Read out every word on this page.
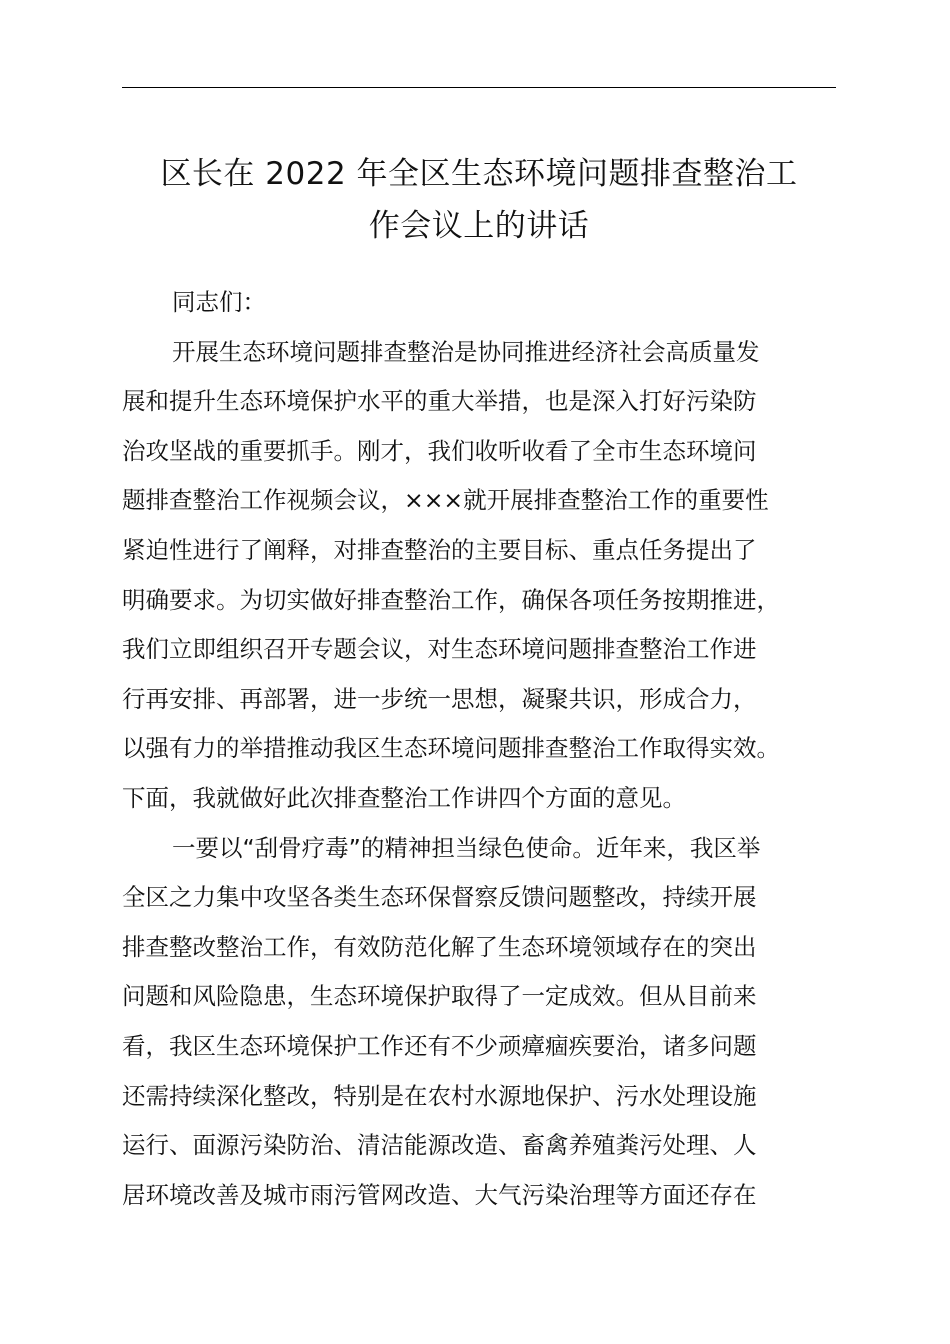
区长在 2022 年全区生态环境问题排查整治工
作会议上的讲话
同志们：
开展生态环境问题排查整治是协同推进经济社会高质量发
展和提升生态环境保护水平的重大举措，也是深入打好污染防
治攻坚战的重要抓手。刚才，我们收听收看了全市生态环境问
题排查整治工作视频会议，×××就开展排查整治工作的重要性
紧迫性进行了阐释，对排查整治的主要目标、重点任务提出了
明确要求。为切实做好排查整治工作，确保各项任务按期推进，
我们立即组织召开专题会议，对生态环境问题排查整治工作进
行再安排、再部署，进一步统一思想，凝聚共识，形成合力，
以强有力的举措推动我区生态环境问题排查整治工作取得实效。
下面，我就做好此次排查整治工作讲四个方面的意见。
一要以“刮骨疗毒”的精神担当绿色使命。近年来，我区举
全区之力集中攻坚各类生态环保督察反馈问题整改，持续开展
排查整改整治工作，有效防范化解了生态环境领域存在的突出
问题和风险隐患，生态环境保护取得了一定成效。但从目前来
看，我区生态环境保护工作还有不少顽瘴痼疾要治，诸多问题
还需持续深化整改，特别是在农村水源地保护、污水处理设施
运行、面源污染防治、清洁能源改造、畜禽养殖粪污处理、人
居环境改善及城市雨污管网改造、大气污染治理等方面还存在
